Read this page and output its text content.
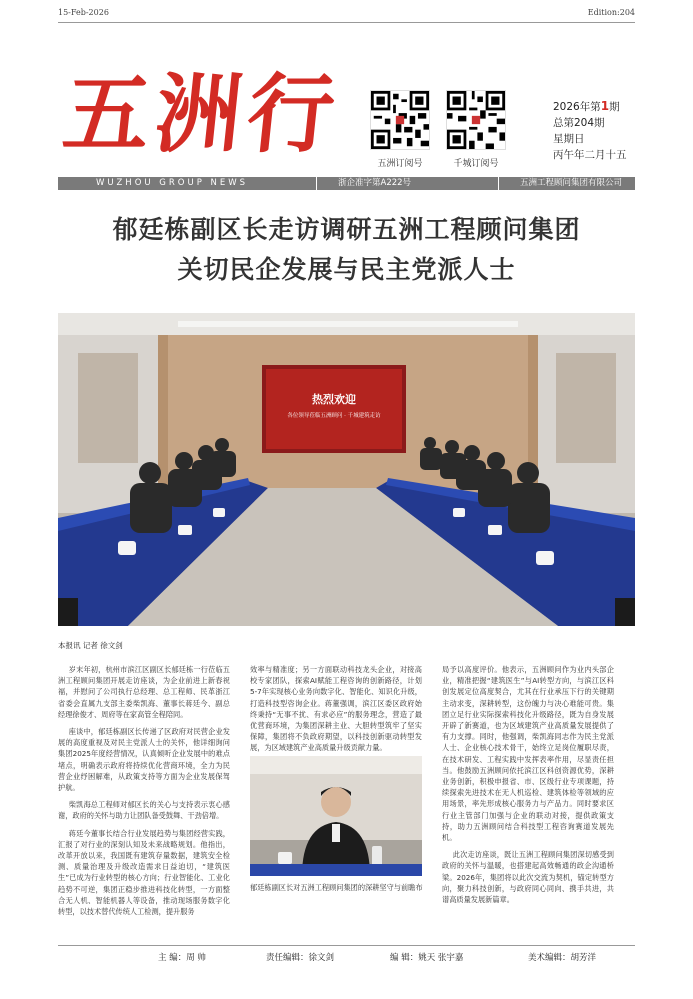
15-Feb-2026	Edition:204
五洲行	五洲订阅号	千城订阅号
2026年第1期
总第204期
星期日
丙午年二月十五
WUZHOU GROUP NEWS	浙企准字第A222号	五洲工程顾问集团有限公司
郁廷栋副区长走访调研五洲工程顾问集团
关切民企发展与民主党派人士
热烈欢迎
各位领导莅临五洲顾问 · 千城建筑走访
本报讯 记者 徐文剑

岁末年初，杭州市滨江区副区长郁廷栋一行莅临五洲工程顾问集团开展走访座谈，为企业前进上新春祝福，并慰问了公司执行总经理、总工程师、民革浙江省委会直属九支部主委柴凯海、董事长蒋廷今、副总经理徐俊才、周府等在家高管全程陪同。

座谈中，郁廷栋副区长传递了区政府对民营企业发展的高度重视及对民主党派人士的关怀，他详细询问集团2025年度经营情况，认真倾听企业发展中的难点堵点，明确表示政府将持续优化营商环境，全力为民营企业纾困解难，从政策支持等方面为企业发展保驾护航。

柴凯海总工程师对郁区长的关心与支持表示衷心感谢，政府的关怀与助力让团队备受鼓舞、干劲倍增。

蒋廷今董事长结合行业发展趋势与集团经营实践，汇报了对行业的深刻认知及未来战略规划。他指出，改革开放以来，我国既有建筑存量数据，建筑安全检测、质量治理及升级改造需求日益迫切，“建筑医生”已成为行业转型的核心方向；行业智能化、工业化趋势不可逆，集团正稳步推进科技化转型，一方面整合无人机、智能机器人等设备，推动现场服务数字化转型，以技术替代传统人工检测，提升服务

效率与精准度；另一方面联动科技龙头企业，对接高校专家团队，探索AI赋能工程咨询的创新路径，计划5-7年实现核心业务向数字化、智能化、知识化升级，打造科技型咨询企业。蒋董强调，滨江区委区政府始终秉持“无事不扰、有求必应”的服务理念，营造了最优营商环境，为集团深耕主业、大胆转型筑牢了坚实保障，集团将不负政府期望，以科技创新驱动转型发展，为区域建筑产业高质量升级贡献力量。

郁廷栋副区长对五洲工程顾问集团的深耕坚守与前瞻布

局予以高度评价。他表示，五洲顾问作为业内头部企业，精准把握“建筑医生”与AI转型方向，与滨江区科创发展定位高度契合，尤其在行业承压下行的关键期主动求变，深耕转型，这份魄力与决心难能可贵。集团立足行业实际探索科技化升级路径，既为自身发展开辟了新赛道，也为区域建筑产业高质量发展提供了有力支撑。同时，他强调，柴凯海同志作为民主党派人士、企业核心技术骨干，始终立足岗位履职尽责，在技术研发、工程实践中发挥表率作用，尽显责任担当。他鼓励五洲顾问依托滨江区科创资源优势，深耕业务创新，积极申报省、市、区级行业专项课题，持续探索先进技术在无人机巡检、建筑体检等领域的应用场景，率先形成核心服务力与产品力。同时要求区行业主管部门加强与企业的联动对接，提供政策支持，助力五洲顾问结合科技型工程咨询赛道发展先机。

此次走访座谈，既让五洲工程顾问集团深切感受到政府的关怀与温暖，也搭建起高效畅通的政企沟通桥梁。2026年，集团将以此次交流为契机，锚定转型方向，聚力科技创新，与政府同心同向、携手共进，共谱高质量发展新篇章。

主 编：周 帅	责任编辑：徐文剑	编 辑：姚天 张宇嘉	美术编辑：胡芳洋
